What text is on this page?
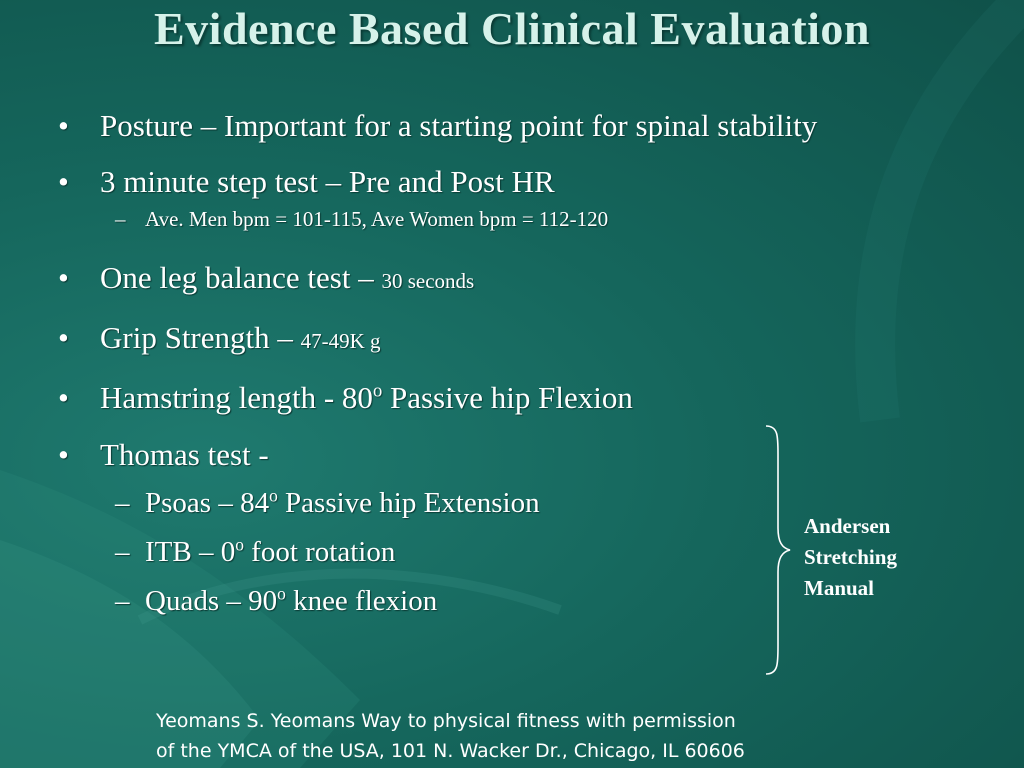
Evidence Based Clinical Evaluation
• Posture – Important for a starting point for spinal stability
• 3 minute step test – Pre and Post HR
– Ave. Men bpm = 101-115, Ave Women bpm = 112-120
• One leg balance test – 30 seconds
• Grip Strength – 47-49K g
• Hamstring length - 80$^o$ Passive hip Flexion
• Thomas test -
– Psoas – 84$^o$ Passive hip Extension
– ITB – 0$^o$ foot rotation
– Quads – 90$^o$ knee flexion
Andersen
Stretching
Manual
Yeomans S. Yeomans Way to physical fitness with permission
of the YMCA of the USA, 101 N. Wacker Dr., Chicago, IL 60606
